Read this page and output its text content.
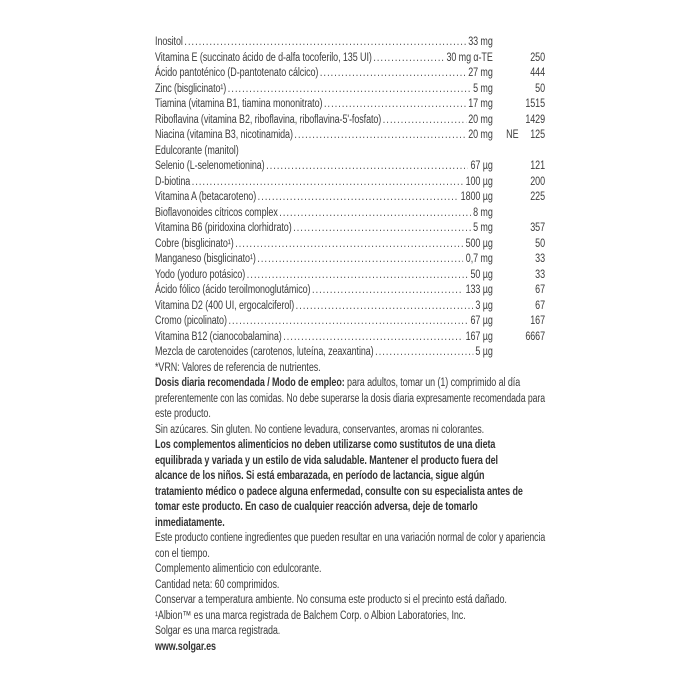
Inositol .....	33 mg
Vitamina E (succinato ácido de d-alfa tocoferilo, 135 UI) .....	30 mg α-TE	250
Ácido pantoténico (D-pantotenato cálcico) .....	27 mg	444
Zinc (bisglicinato¹) .....	5 mg	50
Tiamina (vitamina B1, tiamina mononitrato) .....	17 mg	1515
Riboflavina (vitamina B2, riboflavina, riboflavina-5'-fosfato) .....	20 mg	1429
Niacina (vitamina B3, nicotinamida) .....	20 mg	NE	125
Edulcorante (manitol)
Selenio (L-selenometionina) .....	67 µg	121
D-biotina .....	100 µg	200
Vitamina A (betacaroteno) .....	1800 µg	225
Bioflavonoides cítricos complex .....	8 mg
Vitamina B6 (piridoxina clorhidrato) .....	5 mg	357
Cobre (bisglicinato¹) .....	500 µg	50
Manganeso (bisglicinato¹) .....	0,7 mg	33
Yodo (yoduro potásico) .....	50 µg	33
Ácido fólico (ácido teroilmonoglutámico) .....	133 µg	67
Vitamina D2 (400 UI, ergocalciferol) .....	3 µg	67
Cromo (picolinato) .....	67 µg	167
Vitamina B12 (cianocobalamina) .....	167 µg	6667
Mezcla de carotenoides (carotenos, luteína, zeaxantina) .....	5 µg
*VRN: Valores de referencia de nutrientes.
Dosis diaria recomendada / Modo de empleo: para adultos, tomar un (1) comprimido al día
preferentemente con las comidas. No debe superarse la dosis diaria expresamente recomendada para
este producto.
Sin azúcares. Sin gluten. No contiene levadura, conservantes, aromas ni colorantes.
Los complementos alimenticios no deben utilizarse como sustitutos de una dieta
equilibrada y variada y un estilo de vida saludable. Mantener el producto fuera del
alcance de los niños. Si está embarazada, en período de lactancia, sigue algún
tratamiento médico o padece alguna enfermedad, consulte con su especialista antes de
tomar este producto. En caso de cualquier reacción adversa, deje de tomarlo
inmediatamente.
Este producto contiene ingredientes que pueden resultar en una variación normal de color y apariencia
con el tiempo.
Complemento alimenticio con edulcorante.
Cantidad neta: 60 comprimidos.
Conservar a temperatura ambiente. No consuma este producto si el precinto está dañado.
¹Albion™ es una marca registrada de Balchem Corp. o Albion Laboratories, Inc.
Solgar es una marca registrada.
www.solgar.es
